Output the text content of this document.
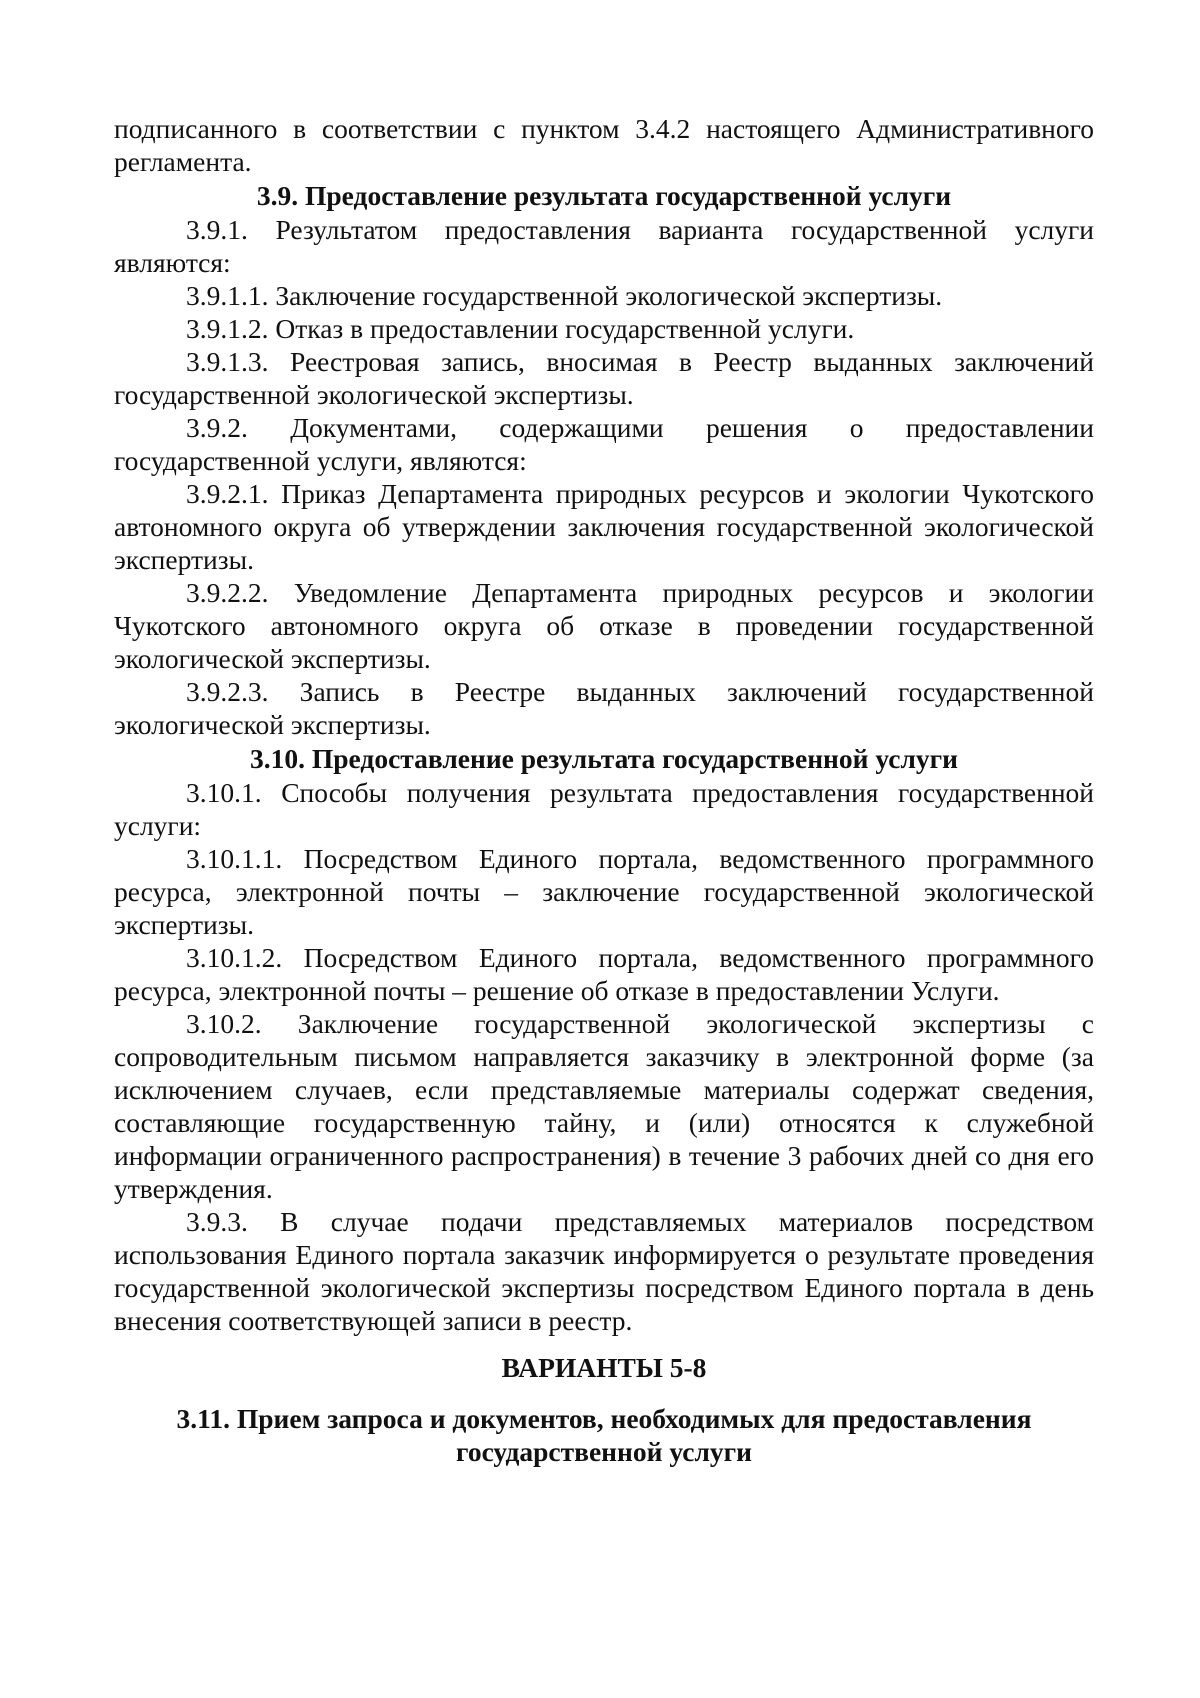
подписанного в соответствии с пунктом 3.4.2 настоящего Административного регламента.

3.9. Предоставление результата государственной услуги

3.9.1. Результатом предоставления варианта государственной услуги являются:

3.9.1.1. Заключение государственной экологической экспертизы.

3.9.1.2. Отказ в предоставлении государственной услуги.

3.9.1.3. Реестровая запись, вносимая в Реестр выданных заключений государственной экологической экспертизы.

3.9.2. Документами, содержащими решения о предоставлении государственной услуги, являются:

3.9.2.1. Приказ Департамента природных ресурсов и экологии Чукотского автономного округа об утверждении заключения государственной экологической экспертизы.

3.9.2.2. Уведомление Департамента природных ресурсов и экологии Чукотского автономного округа об отказе в проведении государственной экологической экспертизы.

3.9.2.3. Запись в Реестре выданных заключений государственной экологической экспертизы.

3.10. Предоставление результата государственной услуги

3.10.1. Способы получения результата предоставления государственной услуги:

3.10.1.1. Посредством Единого портала, ведомственного программного ресурса, электронной почты – заключение государственной экологической экспертизы.

3.10.1.2. Посредством Единого портала, ведомственного программного ресурса, электронной почты – решение об отказе в предоставлении Услуги.

3.10.2. Заключение государственной экологической экспертизы с сопроводительным письмом направляется заказчику в электронной форме (за исключением случаев, если представляемые материалы содержат сведения, составляющие государственную тайну, и (или) относятся к служебной информации ограниченного распространения) в течение 3 рабочих дней со дня его утверждения.

3.9.3. В случае подачи представляемых материалов посредством использования Единого портала заказчик информируется о результате проведения государственной экологической экспертизы посредством Единого портала в день внесения соответствующей записи в реестр.

ВАРИАНТЫ 5-8

3.11. Прием запроса и документов, необходимых для предоставления государственной услуги
